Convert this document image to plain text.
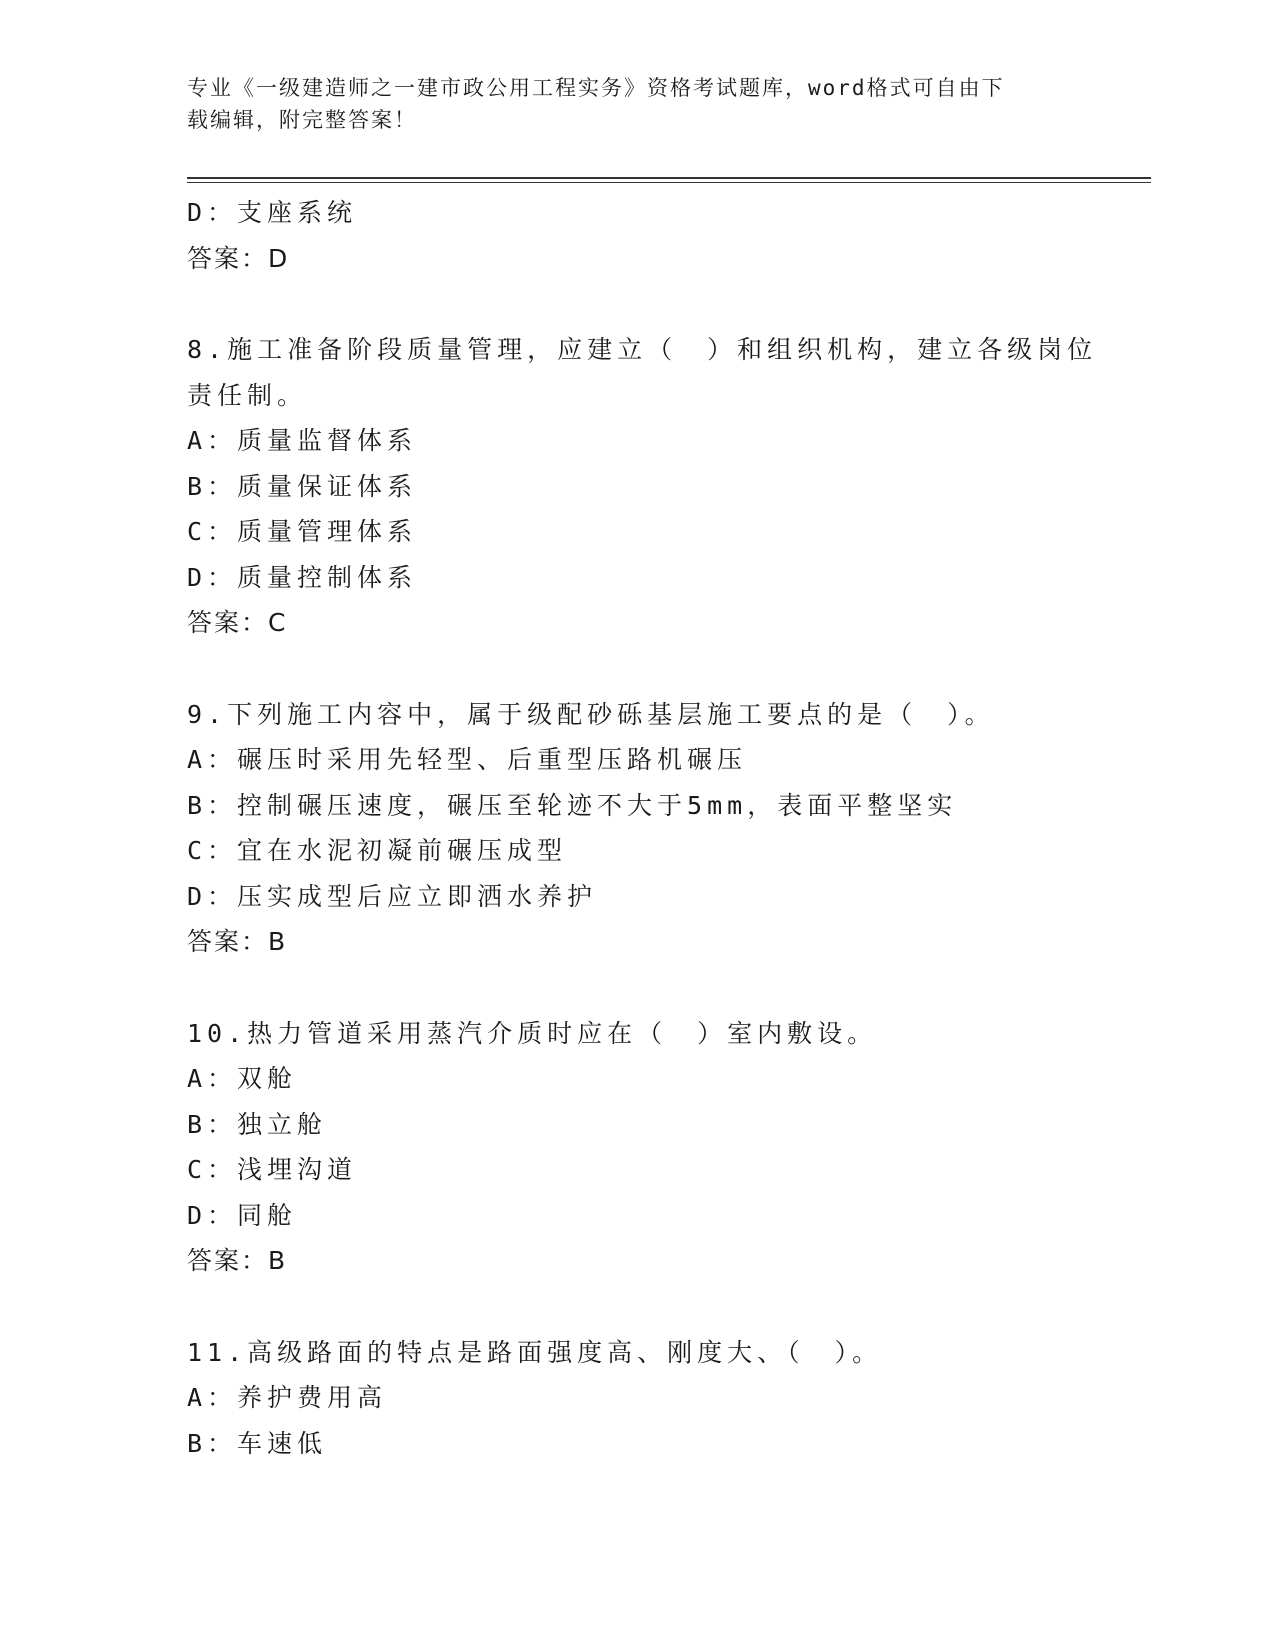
专业《一级建造师之一建市政公用工程实务》资格考试题库，word格式可自由下
载编辑，附完整答案！
D：支座系统
答案：D
8.施工准备阶段质量管理，应建立（　）和组织机构，建立各级岗位
责任制。
A：质量监督体系
B：质量保证体系
C：质量管理体系
D：质量控制体系
答案：C
9.下列施工内容中，属于级配砂砾基层施工要点的是（　）。
A：碾压时采用先轻型、后重型压路机碾压
B：控制碾压速度，碾压至轮迹不大于5mm，表面平整坚实
C：宜在水泥初凝前碾压成型
D：压实成型后应立即洒水养护
答案：B
10.热力管道采用蒸汽介质时应在（　）室内敷设。
A：双舱
B：独立舱
C：浅埋沟道
D：同舱
答案：B
11.高级路面的特点是路面强度高、刚度大、（　）。
A：养护费用高
B：车速低
